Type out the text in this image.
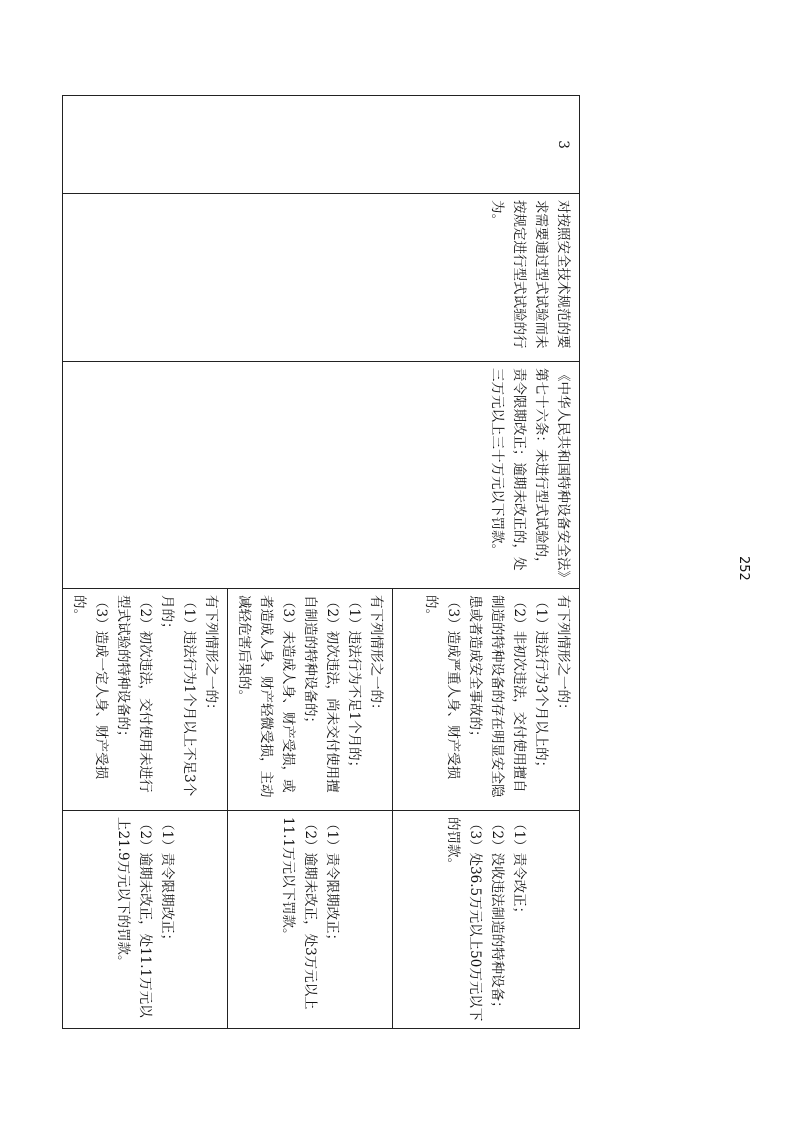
252
3	对按照安全技术规范的要求需要通过型式试验而未按规定进行型式试验的行为。	《中华人民共和国特种设备安全法》第七十六条：未进行型式试验的，责令限期改正；逾期未改正的，处三万元以上三十万元以下罚款。	有下列情形之一的：
（1）违法行为3个月以上的；
（2）非初次违法，交付使用擅自制造的特种设备的存在明显安全隐患或者造成安全事故的；
（3）造成严重人身、财产受损的。	（1）责令改正；
（2）没收违法制造的特种设备；
（3）处36.5万元以上50万元以下的罚款。

			有下列情形之一的：
（1）违法行为不足1个月的；
（2）初次违法，尚未交付使用擅自制造的特种设备的；
（3）未造成人身、财产受损，或者造成人身、财产轻微受损，主动减轻危害后果的。	（1）责令限期改正；
（2）逾期未改正，处3万元以上11.1万元以下罚款。

			有下列情形之一的：
（1）违法行为1个月以上不足3个月的；
（2）初次违法，交付使用未进行型式试验的特种设备的；
（3）造成一定人身、财产受损的。	（1）责令限期改正；
（2）逾期未改正，处11.1万元以上21.9万元以下的罚款。
